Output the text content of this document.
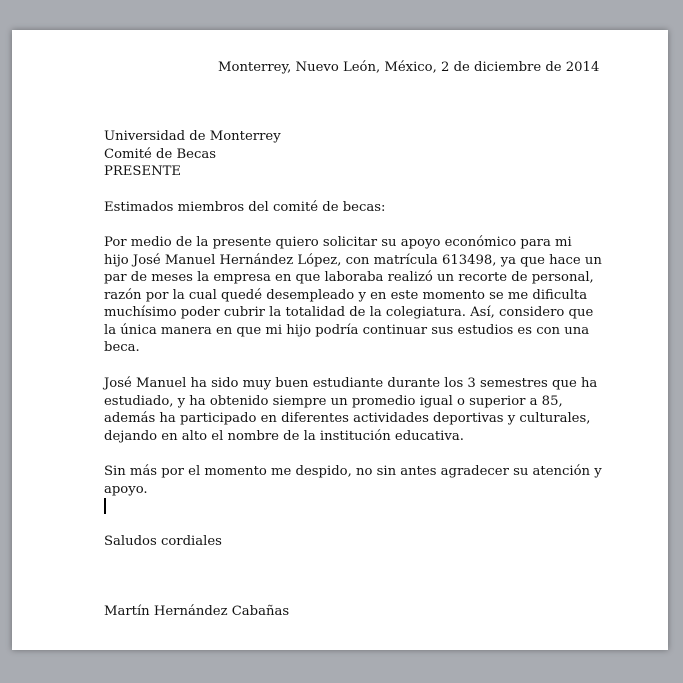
Monterrey, Nuevo León, México, 2 de diciembre de 2014
Universidad de Monterrey
Comité de Becas
PRESENTE
Estimados miembros del comité de becas:
Por medio de la presente quiero solicitar su apoyo económico para mi
hijo José Manuel Hernández López, con matrícula 613498, ya que hace un
par de meses la empresa en que laboraba realizó un recorte de personal,
razón por la cual quedé desempleado y en este momento se me dificulta
muchísimo poder cubrir la totalidad de la colegiatura. Así, considero que
la única manera en que mi hijo podría continuar sus estudios es con una
beca.
José Manuel ha sido muy buen estudiante durante los 3 semestres que ha
estudiado, y ha obtenido siempre un promedio igual o superior a 85,
además ha participado en diferentes actividades deportivas y culturales,
dejando en alto el nombre de la institución educativa.
Sin más por el momento me despido, no sin antes agradecer su atención y
apoyo.
Saludos cordiales
Martín Hernández Cabañas
